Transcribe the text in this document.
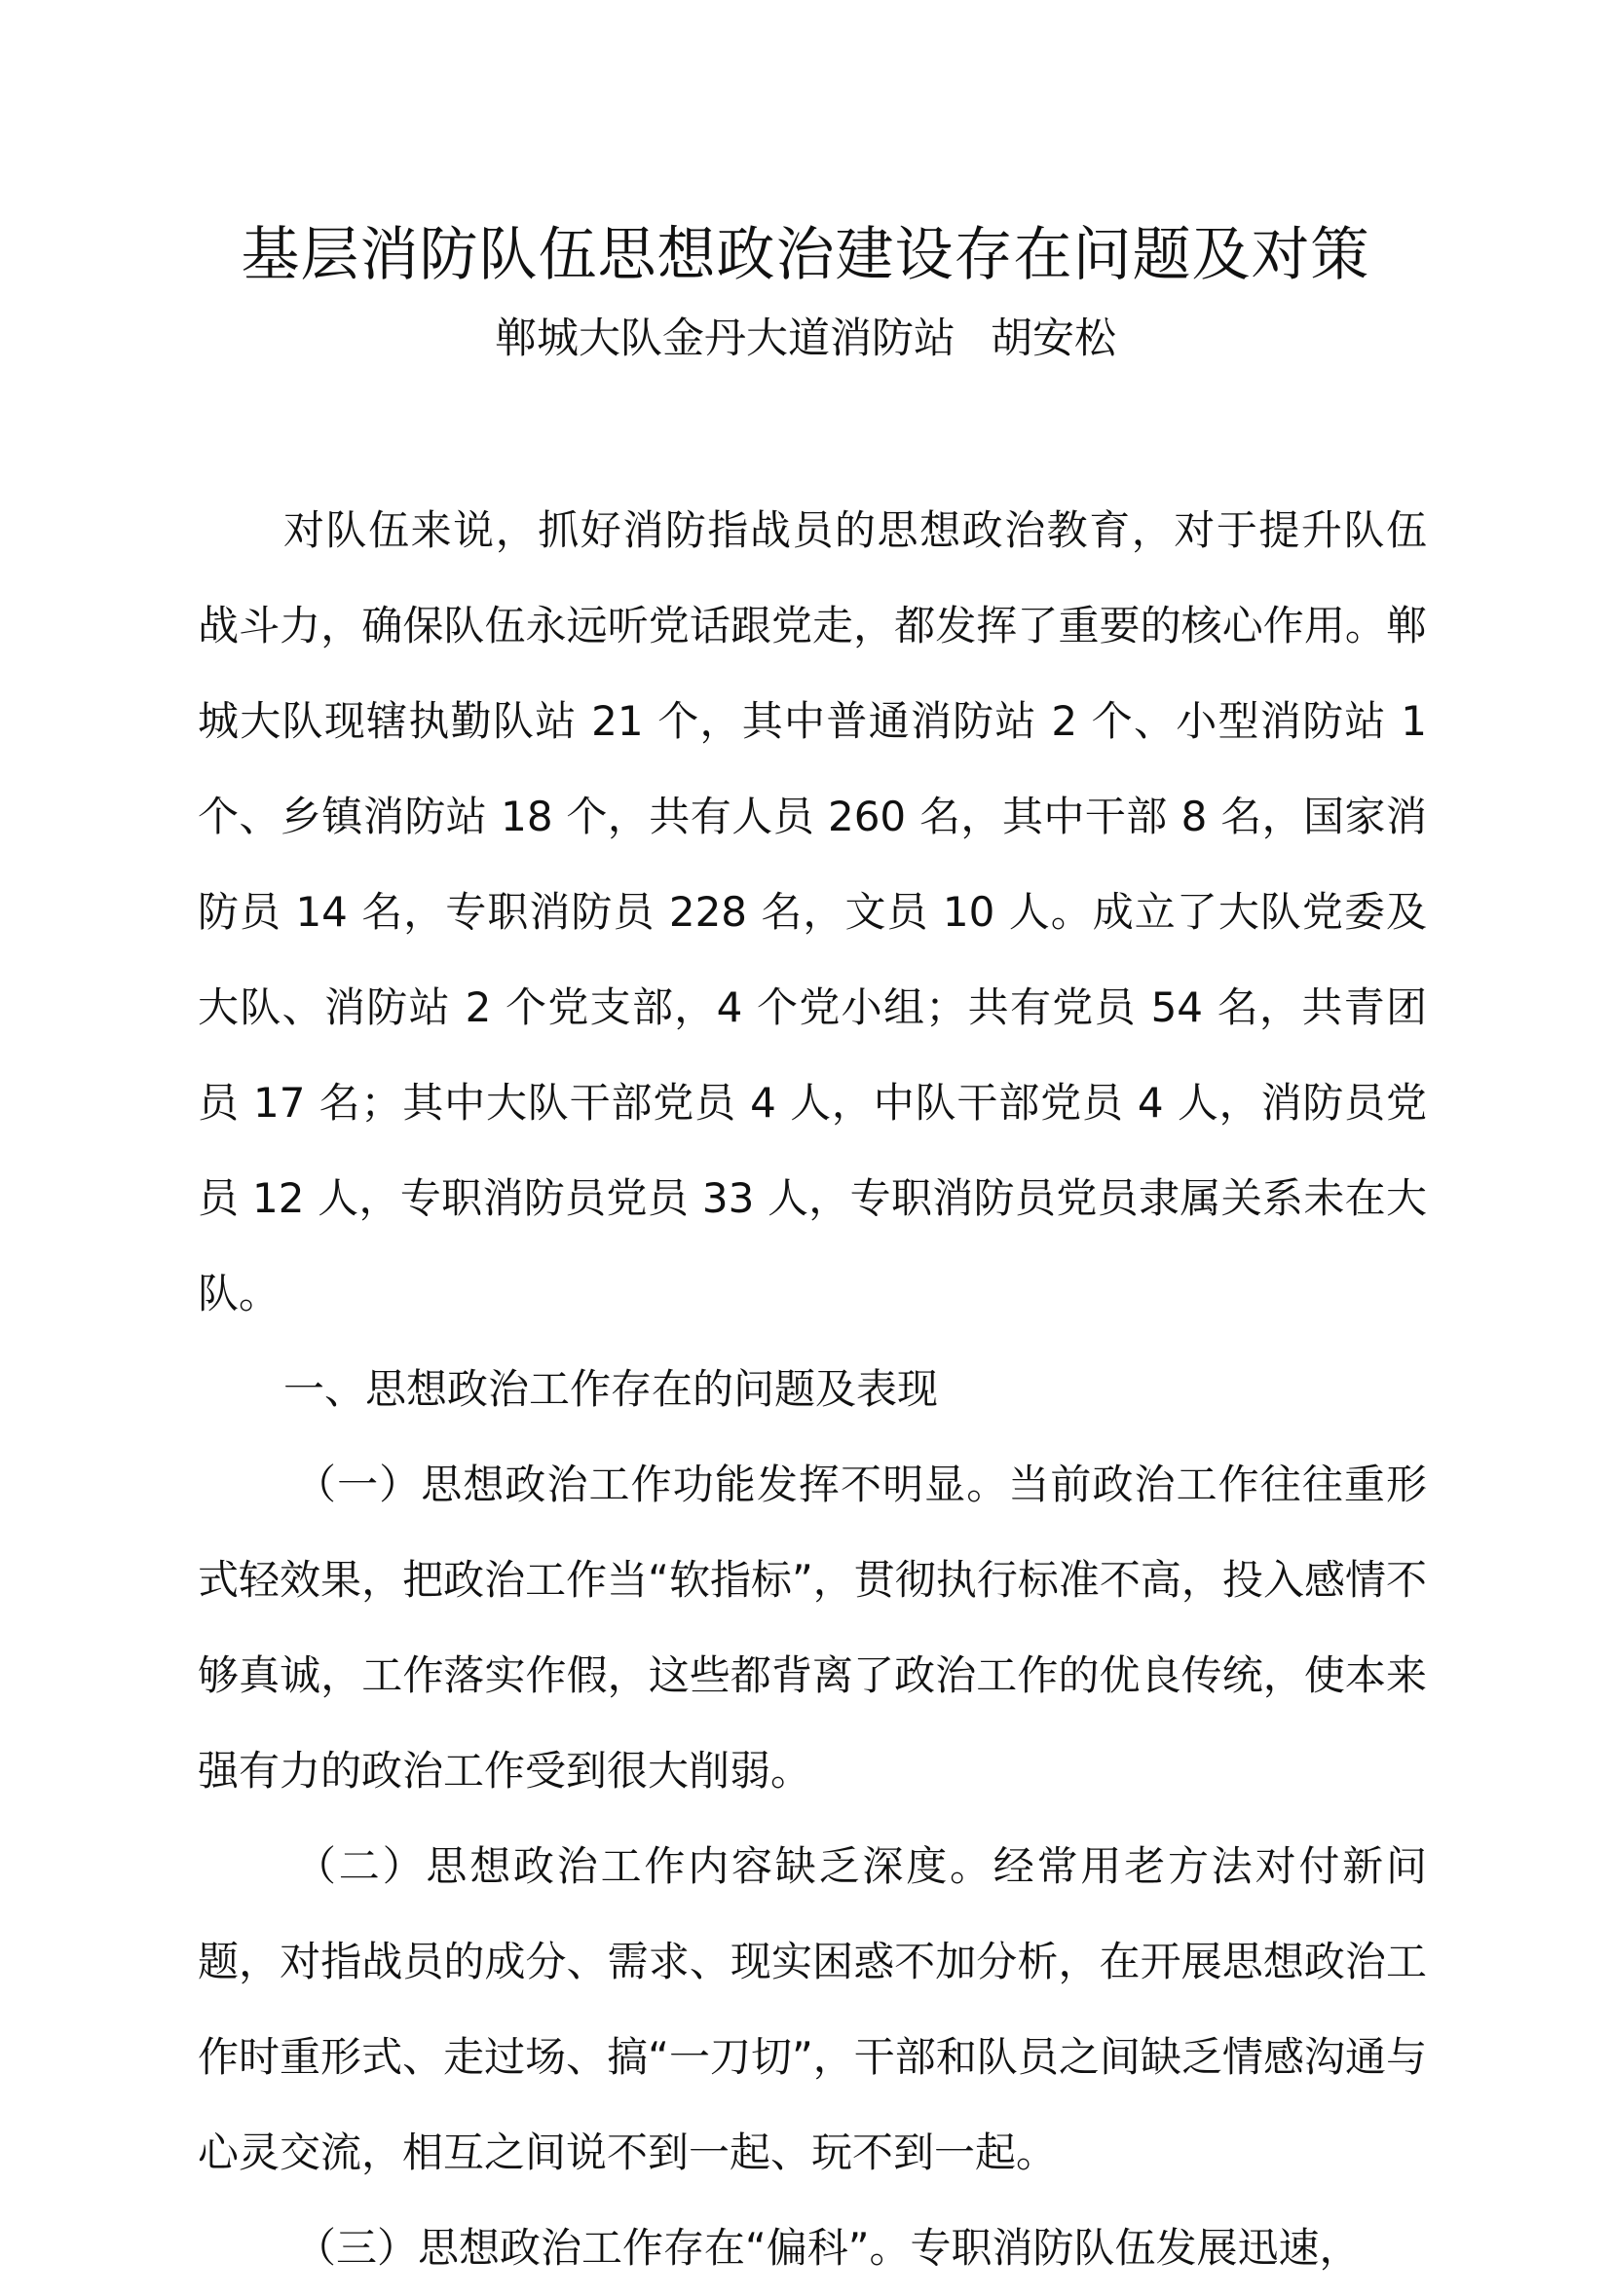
基层消防队伍思想政治建设存在问题及对策
郸城大队金丹大道消防站 胡安松

对队伍来说，抓好消防指战员的思想政治教育，对于提升队伍战斗力，确保队伍永远听党话跟党走，都发挥了重要的核心作用。郸城大队现辖执勤队站 21 个，其中普通消防站 2 个、小型消防站 1 个、乡镇消防站 18 个，共有人员 260 名，其中干部 8 名，国家消防员 14 名，专职消防员 228 名，文员 10 人。成立了大队党委及大队、消防站 2 个党支部，4 个党小组；共有党员 54 名，共青团员 17 名；其中大队干部党员 4 人，中队干部党员 4 人，消防员党员 12 人，专职消防员党员 33 人，专职消防员党员隶属关系未在大队。

一、思想政治工作存在的问题及表现

（一）思想政治工作功能发挥不明显。当前政治工作往往重形式轻效果，把政治工作当“软指标”，贯彻执行标准不高，投入感情不够真诚，工作落实作假，这些都背离了政治工作的优良传统，使本来强有力的政治工作受到很大削弱。

（二）思想政治工作内容缺乏深度。经常用老方法对付新问题，对指战员的成分、需求、现实困惑不加分析，在开展思想政治工作时重形式、走过场、搞“一刀切”，干部和队员之间缺乏情感沟通与心灵交流，相互之间说不到一起、玩不到一起。

（三）思想政治工作存在“偏科”。专职消防队伍发展迅速，
